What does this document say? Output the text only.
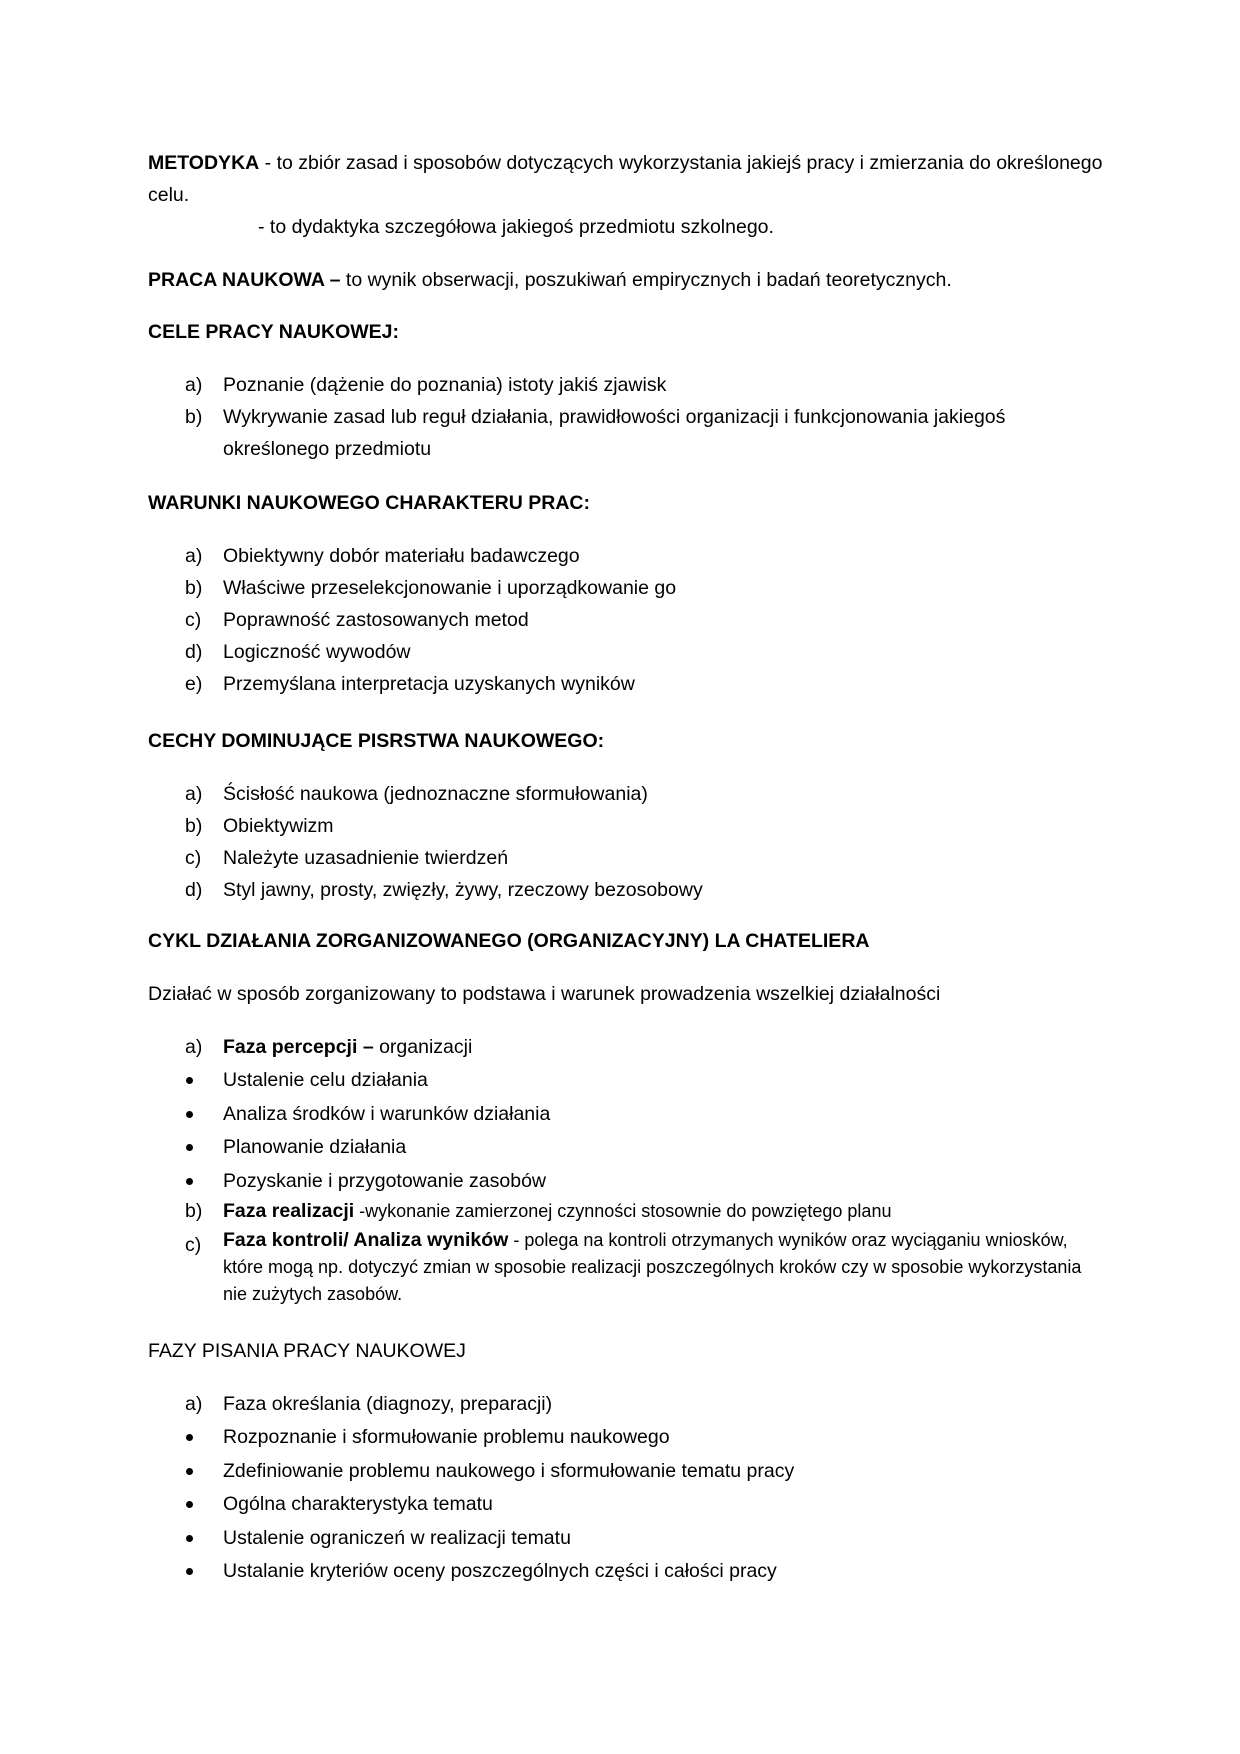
METODYKA - to zbiór zasad i sposobów dotyczących wykorzystania jakiejś pracy i zmierzania do określonego celu.

- to dydaktyka szczegółowa jakiegoś przedmiotu szkolnego.

PRACA NAUKOWA – to wynik obserwacji, poszukiwań empirycznych i badań teoretycznych.

CELE PRACY NAUKOWEJ:

a) Poznanie (dążenie do poznania) istoty jakiś zjawisk
b) Wykrywanie zasad lub reguł działania, prawidłowości organizacji i funkcjonowania jakiegoś określonego przedmiotu

WARUNKI NAUKOWEGO CHARAKTERU PRAC:

a) Obiektywny dobór materiału badawczego
b) Właściwe przeselekcjonowanie i uporządkowanie go
c) Poprawność zastosowanych metod
d) Logiczność wywodów
e) Przemyślana interpretacja uzyskanych wyników

CECHY DOMINUJĄCE PISRSTWA NAUKOWEGO:

a) Ścisłość naukowa (jednoznaczne sformułowania)
b) Obiektywizm
c) Należyte uzasadnienie twierdzeń
d) Styl jawny, prosty, zwięzły, żywy, rzeczowy bezosobowy

CYKL DZIAŁANIA ZORGANIZOWANEGO (ORGANIZACYJNY) LA CHATELIERA

Działać w sposób zorganizowany to podstawa i warunek prowadzenia wszelkiej działalności

a) Faza percepcji – organizacji
Ustalenie celu działania
Analiza środków i warunków działania
Planowanie działania
Pozyskanie i przygotowanie zasobów

b) Faza realizacji -wykonanie zamierzonej czynności stosownie do powziętego planu

c) Faza kontroli/ Analiza wyników - polega na kontroli otrzymanych wyników oraz wyciąganiu wniosków, które mogą np. dotyczyć zmian w sposobie realizacji poszczególnych kroków czy w sposobie wykorzystania nie zużytych zasobów.

FAZY PISANIA PRACY NAUKOWEJ

a) Faza określania (diagnozy, preparacji)
Rozpoznanie i sformułowanie problemu naukowego
Zdefiniowanie problemu naukowego i sformułowanie tematu pracy
Ogólna charakterystyka tematu
Ustalenie ograniczeń w realizacji tematu
Ustalanie kryteriów oceny poszczególnych części i całości pracy
